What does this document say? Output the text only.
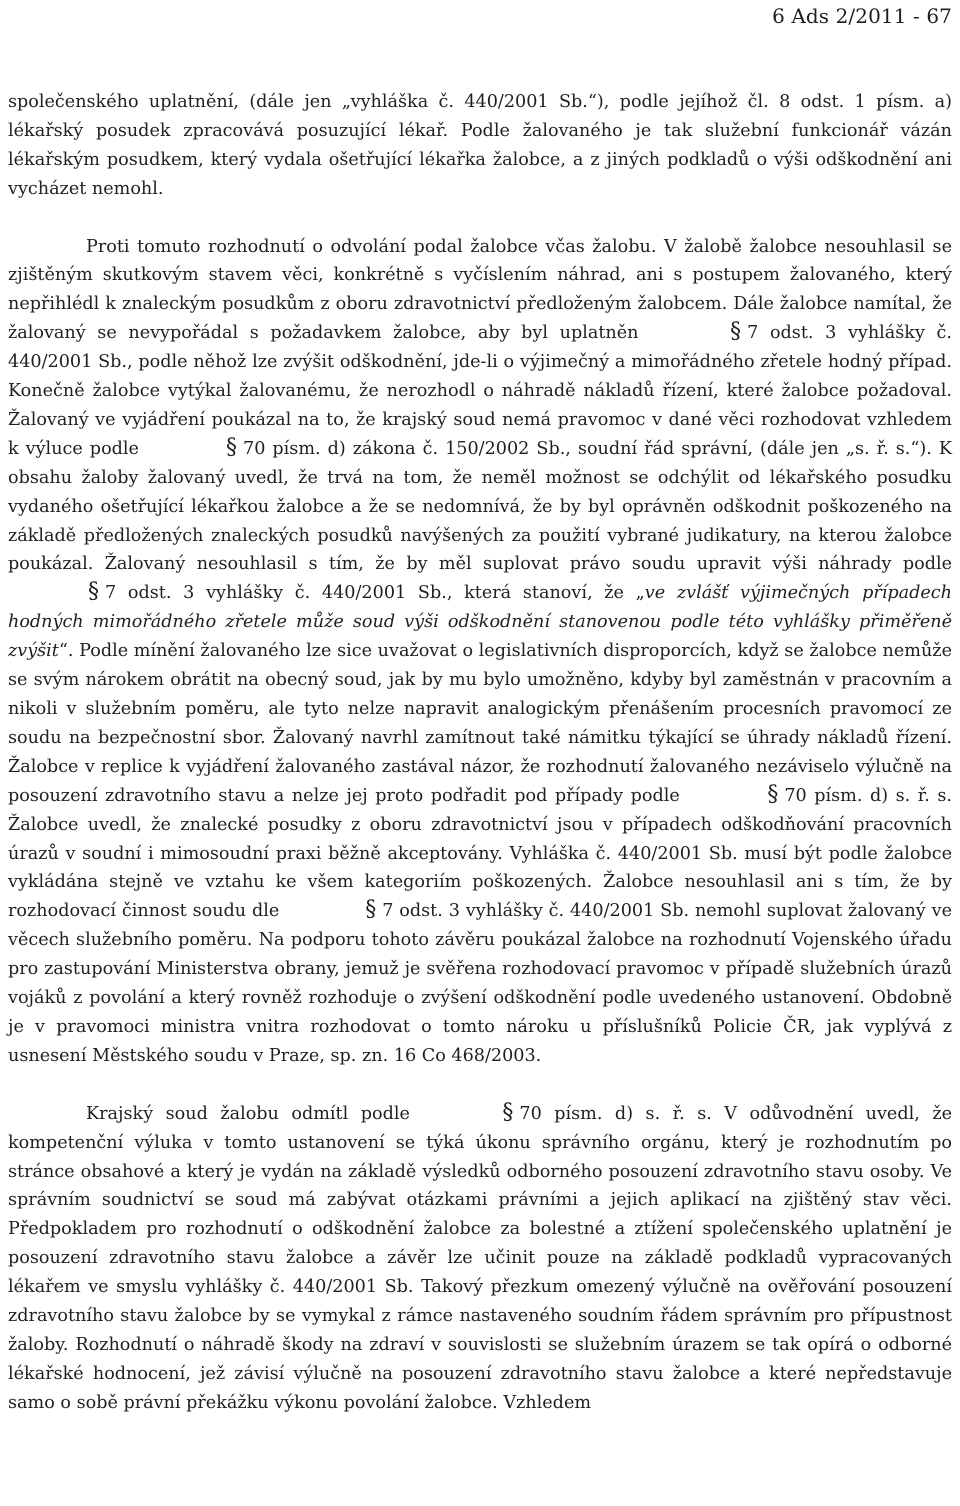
6 Ads 2/2011 - 67

společenského uplatnění, (dále jen „vyhláška č. 440/2001 Sb.“), podle jejíhož čl. 8 odst. 1 písm. a) lékařský posudek zpracovává posuzující lékař. Podle žalovaného je tak služební funkcionář vázán lékařským posudkem, který vydala ošetřující lékařka žalobce, a z jiných podkladů o výši odškodnění ani vycházet nemohl.

Proti tomuto rozhodnutí o odvolání podal žalobce včas žalobu. V žalobě žalobce nesouhlasil se zjištěným skutkovým stavem věci, konkrétně s vyčíslením náhrad, ani s postupem žalovaného, který nepřihlédl k znaleckým posudkům z oboru zdravotnictví předloženým žalobcem. Dále žalobce namítal, že žalovaný se nevypořádal s požadavkem žalobce, aby byl uplatněn	§ 7 odst. 3 vyhlášky č. 440/2001 Sb., podle něhož lze zvýšit odškodnění, jde-li o výjimečný a mimořádného zřetele hodný případ. Konečně žalobce vytýkal žalovanému, že nerozhodl o náhradě nákladů řízení, které žalobce požadoval. Žalovaný ve vyjádření poukázal na to, že krajský soud nemá pravomoc v dané věci rozhodovat vzhledem k výluce podle	§ 70 písm. d) zákona č. 150/2002 Sb., soudní řád správní, (dále jen „s. ř. s.“). K obsahu žaloby žalovaný uvedl, že trvá na tom, že neměl možnost se odchýlit od lékařského posudku vydaného ošetřující lékařkou žalobce a že se nedomnívá, že by byl oprávněn odškodnit poškozeného na základě předložených znaleckých posudků navýšených za použití vybrané judikatury, na kterou žalobce poukázal. Žalovaný nesouhlasil s tím, že by měl suplovat právo soudu upravit výši náhrady podle § 7 odst. 3 vyhlášky č. 440/2001 Sb., která stanoví, že „ve zvlášť výjimečných případech hodných mimořádného zřetele může soud výši odškodnění stanovenou podle této vyhlášky přiměřeně zvýšit“. Podle mínění žalovaného lze sice uvažovat o legislativních disproporcích, když se žalobce nemůže se svým nárokem obrátit na obecný soud, jak by mu bylo umožněno, kdyby byl zaměstnán v pracovním a nikoli v služebním poměru, ale tyto nelze napravit analogickým přenášením procesních pravomocí ze soudu na bezpečnostní sbor. Žalovaný navrhl zamítnout také námitku týkající se úhrady nákladů řízení. Žalobce v replice k vyjádření žalovaného zastával názor, že rozhodnutí žalovaného nezáviselo výlučně na posouzení zdravotního stavu a nelze jej proto podřadit pod případy podle	§ 70 písm. d) s. ř. s. Žalobce uvedl, že znalecké posudky z oboru zdravotnictví jsou v případech odškodňování pracovních úrazů v soudní i mimosoudní praxi běžně akceptovány. Vyhláška č. 440/2001 Sb. musí být podle žalobce vykládána stejně ve vztahu ke všem kategoriím poškozených. Žalobce nesouhlasil ani s tím, že by rozhodovací činnost soudu dle	§ 7 odst. 3 vyhlášky č. 440/2001 Sb. nemohl suplovat žalovaný ve věcech služebního poměru. Na podporu tohoto závěru poukázal žalobce na rozhodnutí Vojenského úřadu pro zastupování Ministerstva obrany, jemuž je svěřena rozhodovací pravomoc v případě služebních úrazů vojáků z povolání a který rovněž rozhoduje o zvýšení odškodnění podle uvedeného ustanovení. Obdobně je v pravomoci ministra vnitra rozhodovat o tomto nároku u příslušníků Policie ČR, jak vyplývá z usnesení Městského soudu v Praze, sp. zn. 16 Co 468/2003.

Krajský soud žalobu odmítl podle	§ 70 písm. d) s. ř. s. V odůvodnění uvedl, že kompetenční výluka v tomto ustanovení se týká úkonu správního orgánu, který je rozhodnutím po stránce obsahové a který je vydán na základě výsledků odborného posouzení zdravotního stavu osoby. Ve správním soudnictví se soud má zabývat otázkami právními a jejich aplikací na zjištěný stav věci. Předpokladem pro rozhodnutí o odškodnění žalobce za bolestné a ztížení společenského uplatnění je posouzení zdravotního stavu žalobce a závěr lze učinit pouze na základě podkladů vypracovaných lékařem ve smyslu vyhlášky č. 440/2001 Sb. Takový přezkum omezený výlučně na ověřování posouzení zdravotního stavu žalobce by se vymykal z rámce nastaveného soudním řádem správním pro přípustnost žaloby. Rozhodnutí o náhradě škody na zdraví v souvislosti se služebním úrazem se tak opírá o odborné lékařské hodnocení, jež závisí výlučně na posouzení zdravotního stavu žalobce a které nepředstavuje samo o sobě právní překážku výkonu povolání žalobce. Vzhledem
